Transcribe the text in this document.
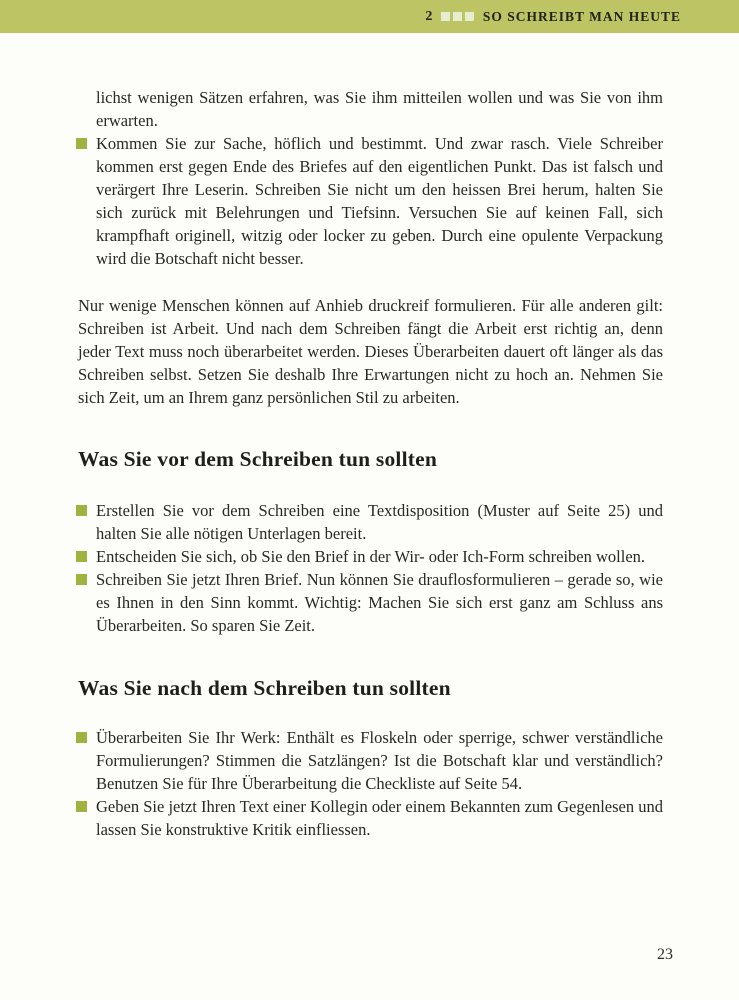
2	SO SCHREIBT MAN HEUTE
lichst wenigen Sätzen erfahren, was Sie ihm mitteilen wollen und was Sie von ihm erwarten.
Kommen Sie zur Sache, höflich und bestimmt. Und zwar rasch. Viele Schreiber kommen erst gegen Ende des Briefes auf den eigentlichen Punkt. Das ist falsch und verärgert Ihre Leserin. Schreiben Sie nicht um den heissen Brei herum, halten Sie sich zurück mit Belehrungen und Tiefsinn. Versuchen Sie auf keinen Fall, sich krampfhaft originell, witzig oder locker zu geben. Durch eine opulente Verpackung wird die Botschaft nicht besser.

Nur wenige Menschen können auf Anhieb druckreif formulieren. Für alle anderen gilt: Schreiben ist Arbeit. Und nach dem Schreiben fängt die Arbeit erst richtig an, denn jeder Text muss noch überarbeitet werden. Dieses Überarbeiten dauert oft länger als das Schreiben selbst. Setzen Sie deshalb Ihre Erwartungen nicht zu hoch an. Nehmen Sie sich Zeit, um an Ihrem ganz persönlichen Stil zu arbeiten.

Was Sie vor dem Schreiben tun sollten
Erstellen Sie vor dem Schreiben eine Textdisposition (Muster auf Seite 25) und halten Sie alle nötigen Unterlagen bereit.
Entscheiden Sie sich, ob Sie den Brief in der Wir- oder Ich-Form schreiben wollen.
Schreiben Sie jetzt Ihren Brief. Nun können Sie drauflosformulieren – gerade so, wie es Ihnen in den Sinn kommt. Wichtig: Machen Sie sich erst ganz am Schluss ans Überarbeiten. So sparen Sie Zeit.
Was Sie nach dem Schreiben tun sollten
Überarbeiten Sie Ihr Werk: Enthält es Floskeln oder sperrige, schwer verständliche Formulierungen? Stimmen die Satzlängen? Ist die Botschaft klar und verständlich? Benutzen Sie für Ihre Überarbeitung die Checkliste auf Seite 54.
Geben Sie jetzt Ihren Text einer Kollegin oder einem Bekannten zum Gegenlesen und lassen Sie konstruktive Kritik einfliessen.
23
